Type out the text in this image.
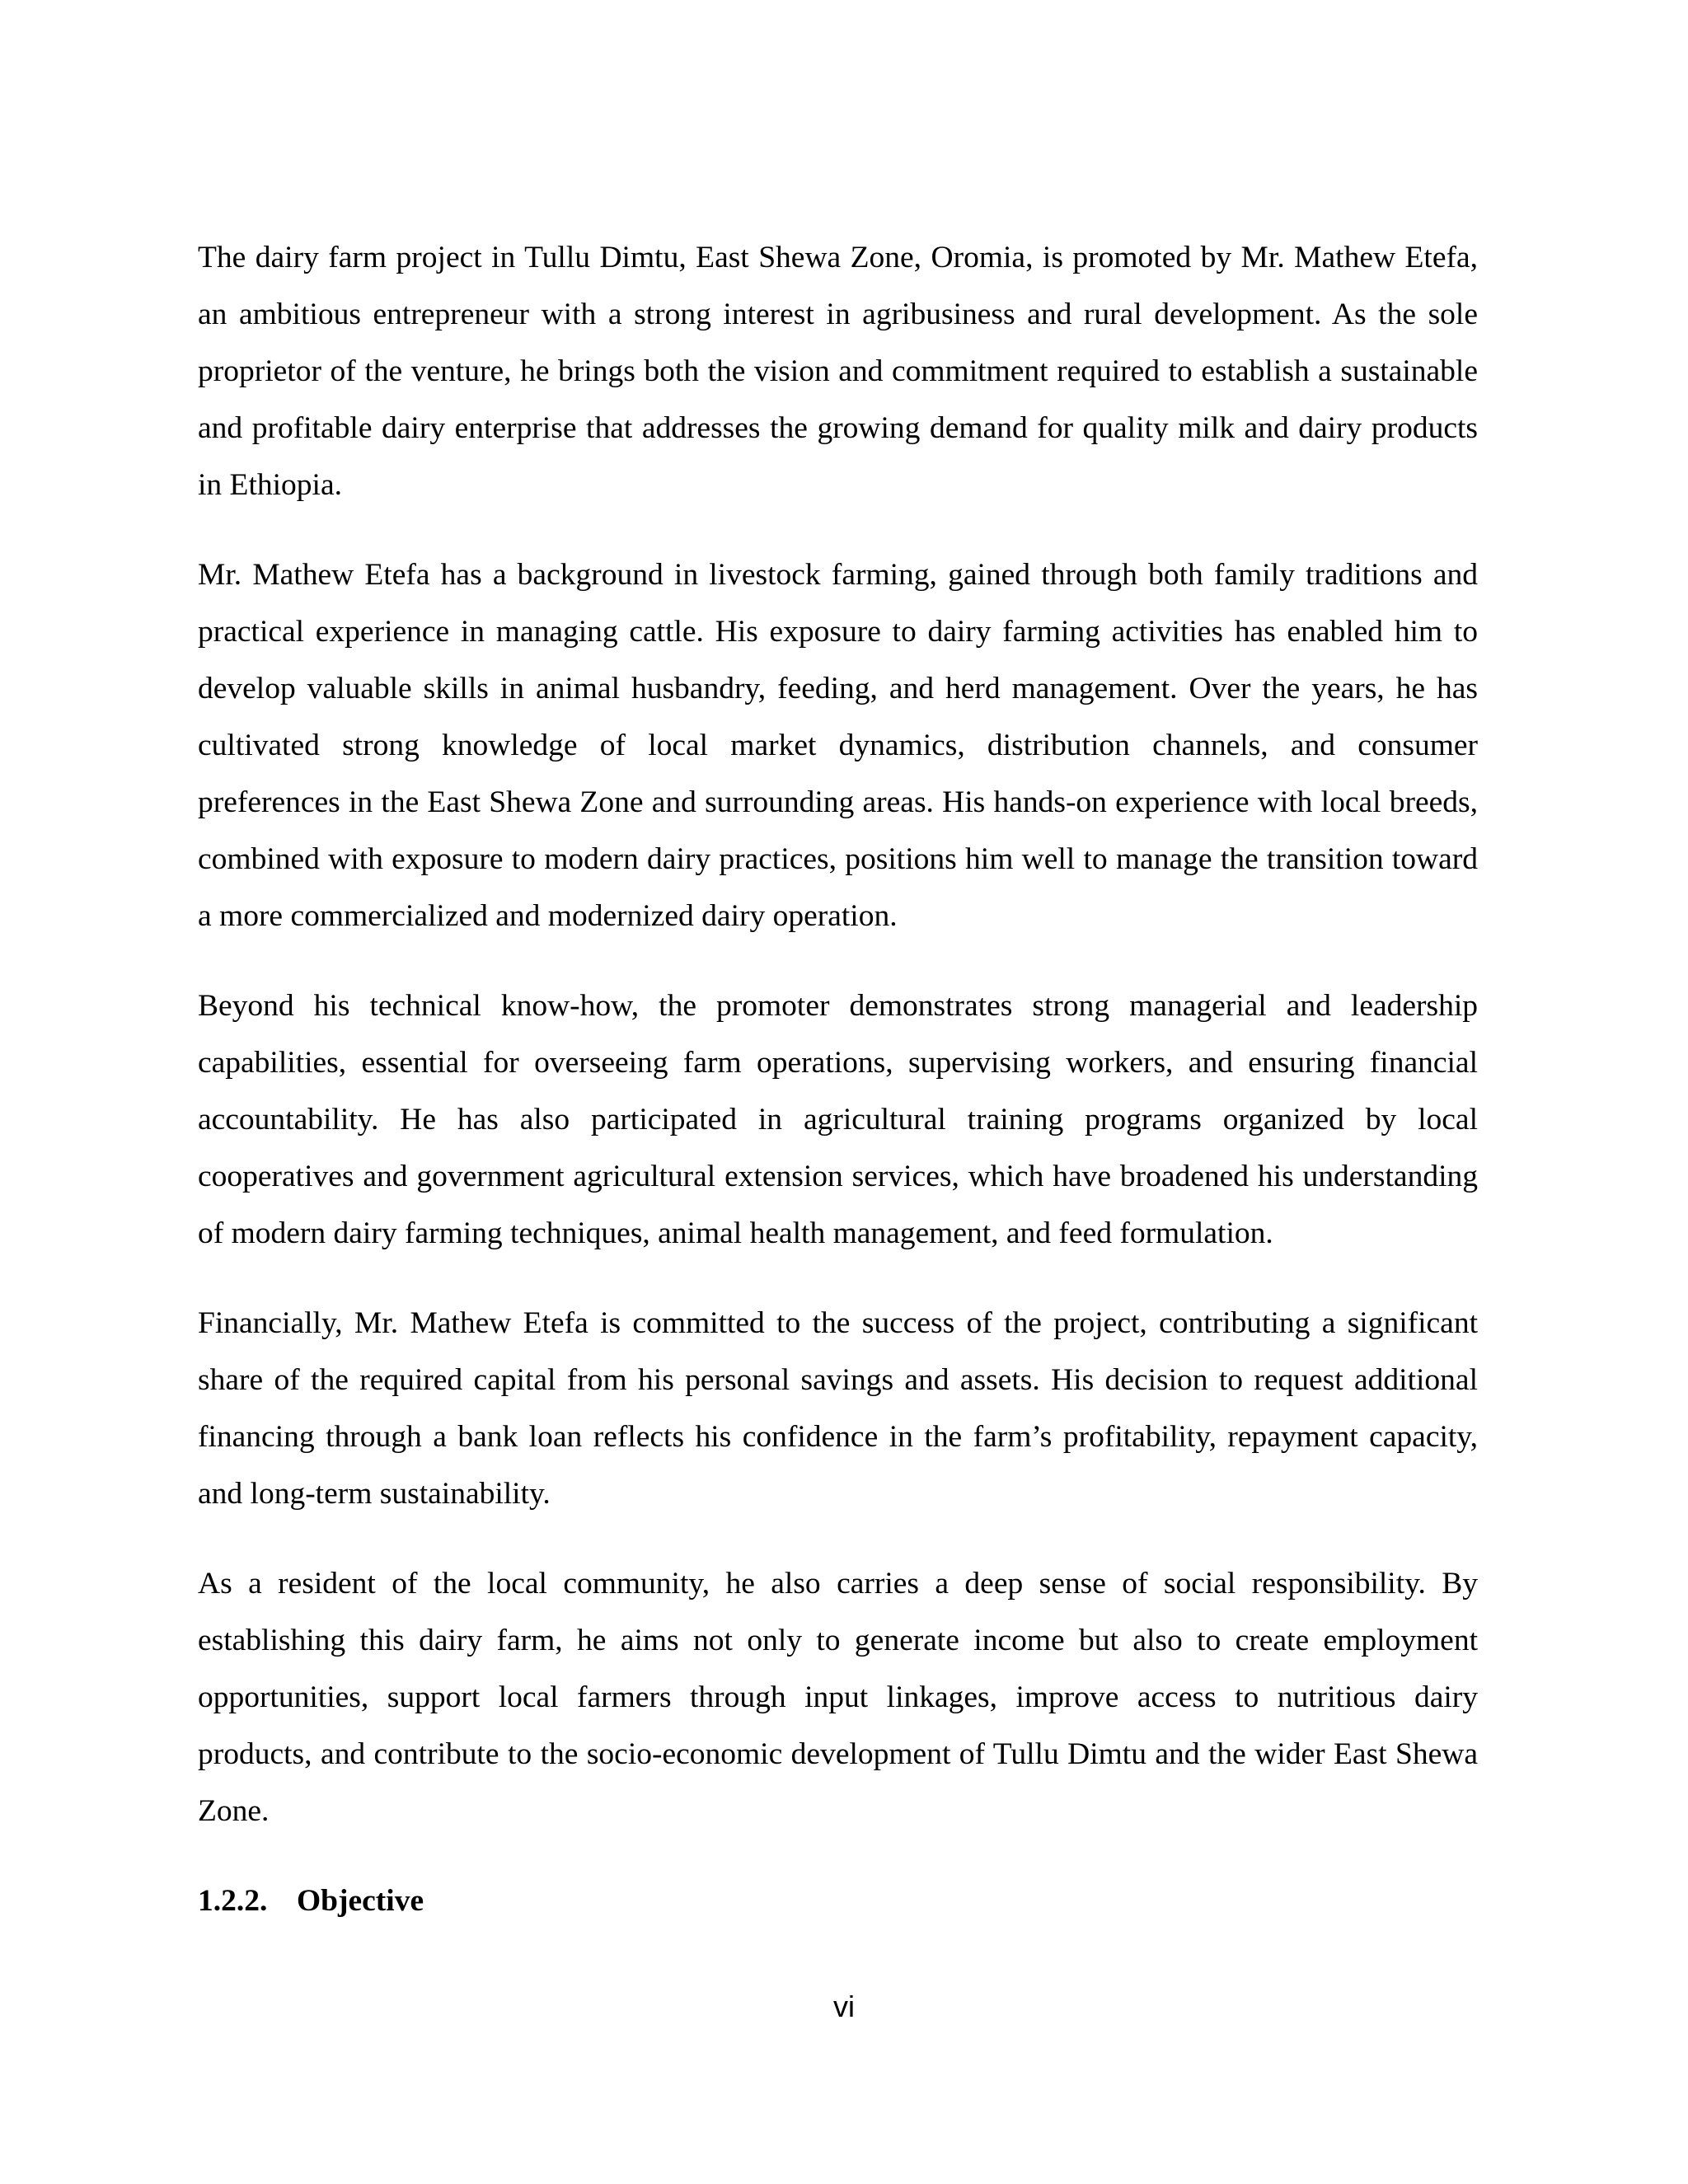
The dairy farm project in Tullu Dimtu, East Shewa Zone, Oromia, is promoted by Mr. Mathew Etefa, an ambitious entrepreneur with a strong interest in agribusiness and rural development. As the sole proprietor of the venture, he brings both the vision and commitment required to establish a sustainable and profitable dairy enterprise that addresses the growing demand for quality milk and dairy products in Ethiopia.

Mr. Mathew Etefa has a background in livestock farming, gained through both family traditions and practical experience in managing cattle. His exposure to dairy farming activities has enabled him to develop valuable skills in animal husbandry, feeding, and herd management. Over the years, he has cultivated strong knowledge of local market dynamics, distribution channels, and consumer preferences in the East Shewa Zone and surrounding areas. His hands-on experience with local breeds, combined with exposure to modern dairy practices, positions him well to manage the transition toward a more commercialized and modernized dairy operation.

Beyond his technical know-how, the promoter demonstrates strong managerial and leadership capabilities, essential for overseeing farm operations, supervising workers, and ensuring financial accountability. He has also participated in agricultural training programs organized by local cooperatives and government agricultural extension services, which have broadened his understanding of modern dairy farming techniques, animal health management, and feed formulation.

Financially, Mr. Mathew Etefa is committed to the success of the project, contributing a significant share of the required capital from his personal savings and assets. His decision to request additional financing through a bank loan reflects his confidence in the farm’s profitability, repayment capacity, and long-term sustainability.

As a resident of the local community, he also carries a deep sense of social responsibility. By establishing this dairy farm, he aims not only to generate income but also to create employment opportunities, support local farmers through input linkages, improve access to nutritious dairy products, and contribute to the socio-economic development of Tullu Dimtu and the wider East Shewa Zone.

1.2.2. Objective
vi
